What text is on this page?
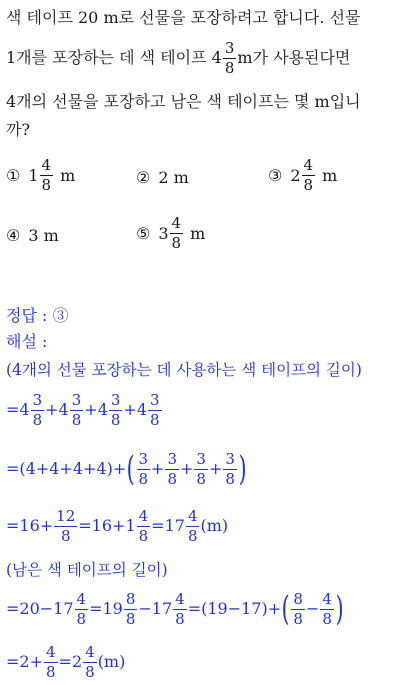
색 테이프 20 m로 선물을 포장하려고 합니다. 선물
1개를 포장하는 데 색 테이프 $4 \frac{3}{8}$ m가 사용된다면
4개의 선물을 포장하고 남은 색 테이프는 몇 m입니
까?
① $1 \frac{4}{8}$ m	② 2 m	③ $2 \frac{4}{8}$ m
④ 3 m	⑤ $3 \frac{4}{8}$ m
정답 : ③
해설 :
(4개의 선물 포장하는 데 사용하는 색 테이프의 길이)
= $4 \frac{3}{8} + 4 \frac{3}{8} + 4 \frac{3}{8} + 4 \frac{3}{8}$
= (4+4+4+4)+ ( $\frac{3}{8} + \frac{3}{8} + \frac{3}{8} + \frac{3}{8}$ )
$=16+ \frac{12}{8} =16+1 \frac{4}{8} =17 \frac{4}{8} (m)$
(남은 색 테이프의 길이)
$=20-17 \frac{4}{8} =19 \frac{8}{8} -17 \frac{4}{8} =(19-17)+$ ( $\frac{8}{8} - \frac{4}{8}$ )
$=2+ \frac{4}{8} =2 \frac{4}{8} (m)$
